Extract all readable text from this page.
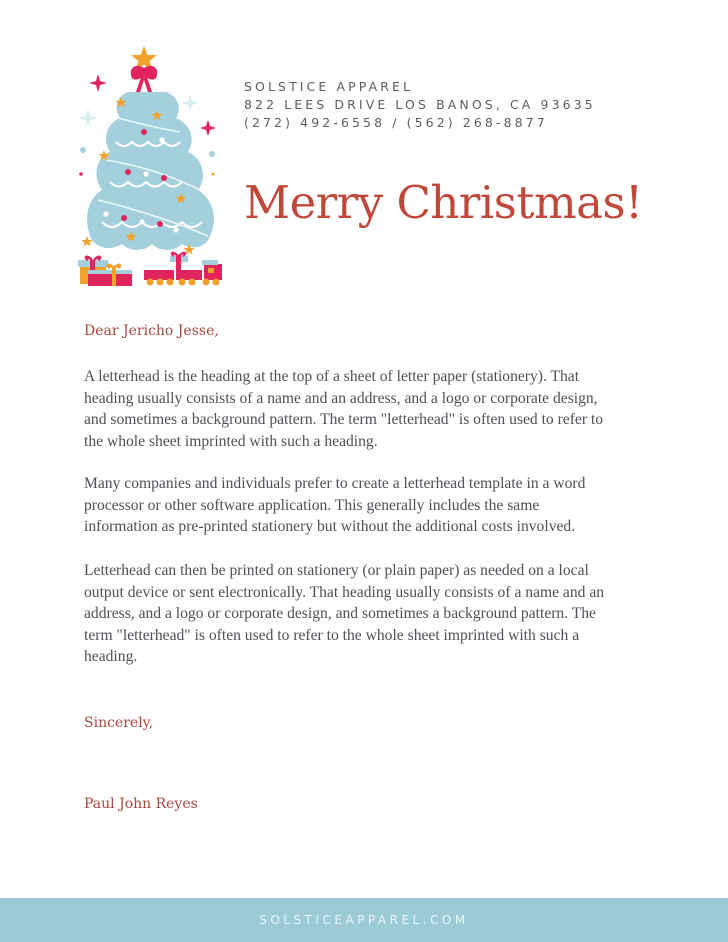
SOLSTICE APPAREL
822 LEES DRIVE LOS BANOS, CA 93635
(272) 492-6558 / (562) 268-8877
Merry Christmas!
Dear Jericho Jesse,

A letterhead is the heading at the top of a sheet of letter paper (stationery). That
heading usually consists of a name and an address, and a logo or corporate design,
and sometimes a background pattern. The term "letterhead" is often used to refer to
the whole sheet imprinted with such a heading.

Many companies and individuals prefer to create a letterhead template in a word
processor or other software application. This generally includes the same
information as pre-printed stationery but without the additional costs involved.

Letterhead can then be printed on stationery (or plain paper) as needed on a local
output device or sent electronically. That heading usually consists of a name and an
address, and a logo or corporate design, and sometimes a background pattern. The
term "letterhead" is often used to refer to the whole sheet imprinted with such a
heading.

Sincerely,
Paul John Reyes
SOLSTICEAPPAREL.COM
